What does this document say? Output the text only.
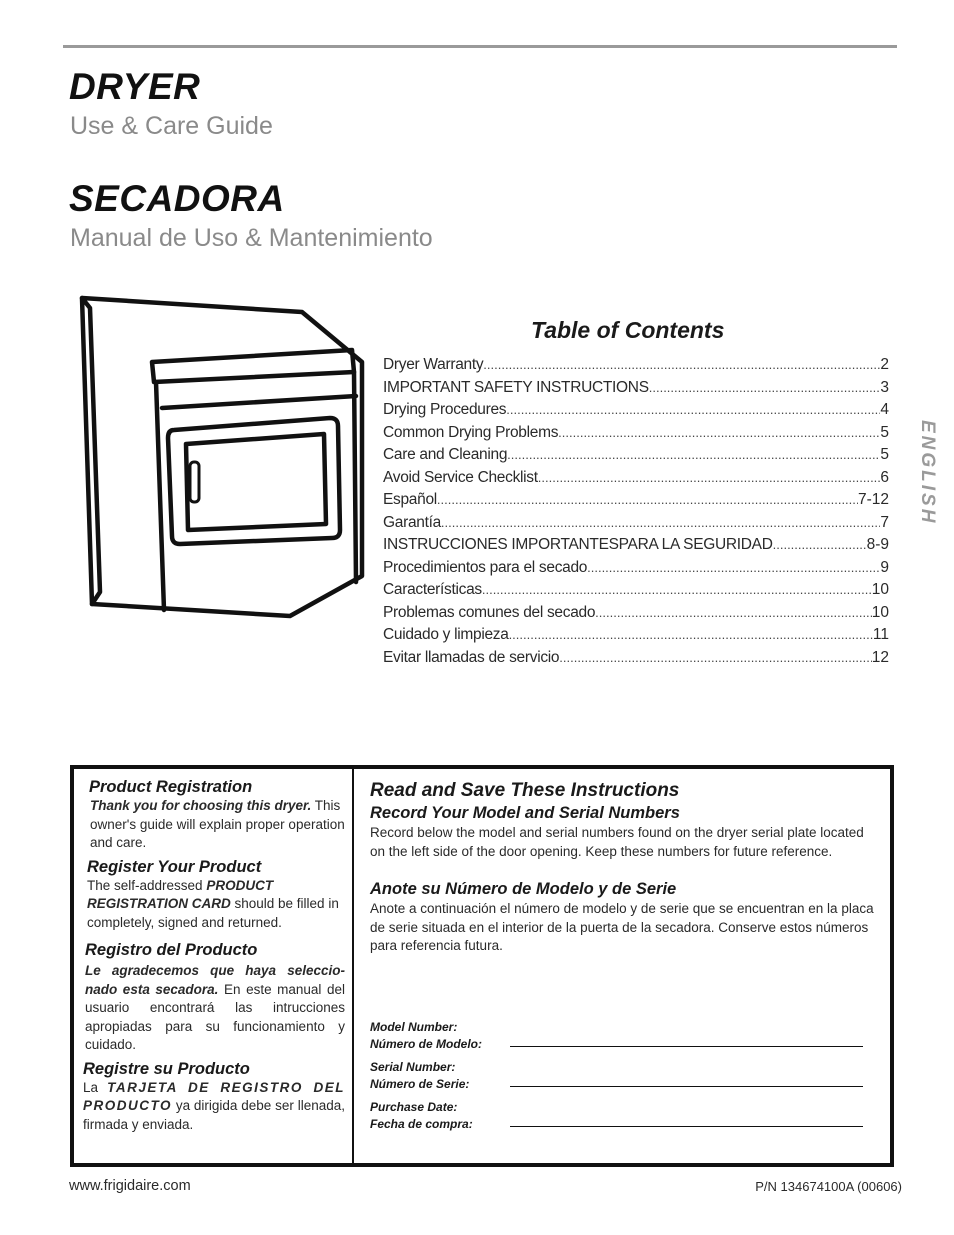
DRYER
Use & Care Guide
SECADORA
Manual de Uso & Mantenimiento
Table of Contents
Dryer Warranty .....	2
IMPORTANT SAFETY INSTRUCTIONS .....	3
Drying Procedures .....	4
Common Drying Problems .....	5
Care and Cleaning .....	5
Avoid Service Checklist .....	6
Español .....	7-12
Garantía .....	7
INSTRUCCIONES IMPORTANTESPARA LA SEGURIDAD .....	8-9
Procedimientos para el secado .....	9
Características .....	10
Problemas comunes del secado .....	10
Cuidado y limpieza .....	11
Evitar llamadas de servicio .....	12
ENGLISH
Product Registration
Thank you for choosing this dryer. This owner's guide will explain proper operation and care.
Register Your Product
The self-addressed PRODUCT REGISTRATION CARD should be filled in completely, signed and returned.
Registro del Producto
Le agradecemos que haya seleccio-nado esta secadora. En este manual del usuario encontrará las intrucciones apropiadas para su funcionamiento y cuidado.
Registre su Producto
La TARJETA DE REGISTRO DEL PRODUCTO ya dirigida debe ser llenada, firmada y enviada.
Read and Save These Instructions
Record Your Model and Serial Numbers
Record below the model and serial numbers found on the dryer serial plate located on the left side of the door opening. Keep these numbers for future reference.
Anote su Número de Modelo y de Serie
Anote a continuación el número de modelo y de serie que se encuentran en la placa de serie situada en el interior de la puerta de la secadora. Conserve estos números para referencia futura.
Model Number:
Número de Modelo:
Serial Number:
Número de Serie:
Purchase Date:
Fecha de compra:
www.frigidaire.com	P/N 134674100A (00606)
